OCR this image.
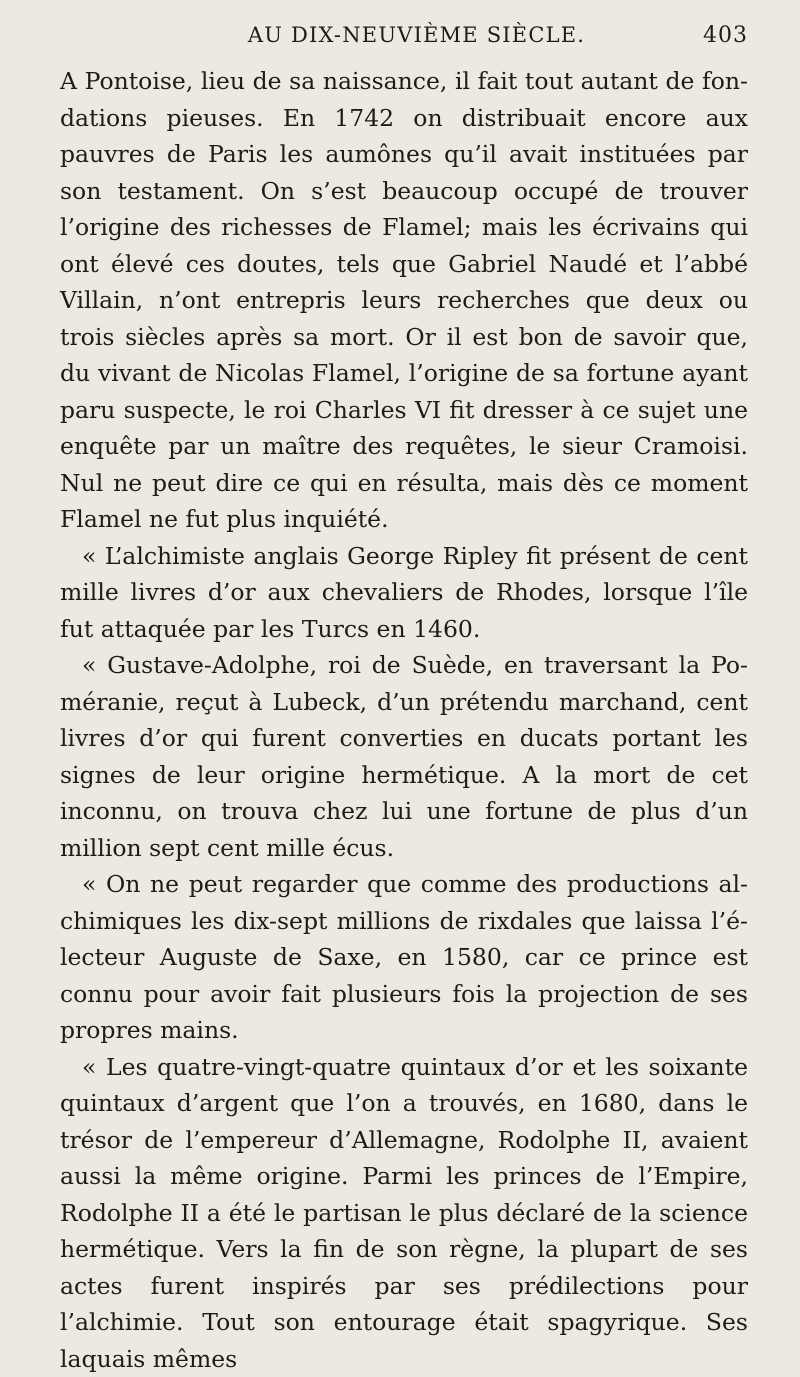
AU DIX-NEUVIÈME SIÈCLE.	403

A Pontoise, lieu de sa naissance, il fait tout autant de fondations pieuses. En 1742 on distribuait encore aux pauvres de Paris les aumônes qu’il avait instituées par son testament. On s’est beaucoup occupé de trouver l’origine des richesses de Flamel; mais les écrivains qui ont élevé ces doutes, tels que Gabriel Naudé et l’abbé Villain, n’ont entrepris leurs recherches que deux ou trois siècles après sa mort. Or il est bon de savoir que, du vivant de Nicolas Flamel, l’origine de sa fortune ayant paru suspecte, le roi Charles VI fit dresser à ce sujet une enquête par un maître des requêtes, le sieur Cramoisi. Nul ne peut dire ce qui en résulta, mais dès ce moment Flamel ne fut plus inquiété.

« L’alchimiste anglais George Ripley fit présent de cent mille livres d’or aux chevaliers de Rhodes, lorsque l’île fut attaquée par les Turcs en 1460.

« Gustave-Adolphe, roi de Suède, en traversant la Poméranie, reçut à Lubeck, d’un prétendu marchand, cent livres d’or qui furent converties en ducats portant les signes de leur origine hermétique. A la mort de cet inconnu, on trouva chez lui une fortune de plus d’un million sept cent mille écus.

« On ne peut regarder que comme des productions alchimiques les dix-sept millions de rixdales que laissa l’électeur Auguste de Saxe, en 1580, car ce prince est connu pour avoir fait plusieurs fois la projection de ses propres mains.

« Les quatre-vingt-quatre quintaux d’or et les soixante quintaux d’argent que l’on a trouvés, en 1680, dans le trésor de l’empereur d’Allemagne, Rodolphe II, avaient aussi la même origine. Parmi les princes de l’Empire, Rodolphe II a été le partisan le plus déclaré de la science hermétique. Vers la fin de son règne, la plupart de ses actes furent inspirés par ses prédilections pour l’alchimie. Tout son entourage était spagyrique. Ses laquais mêmes
